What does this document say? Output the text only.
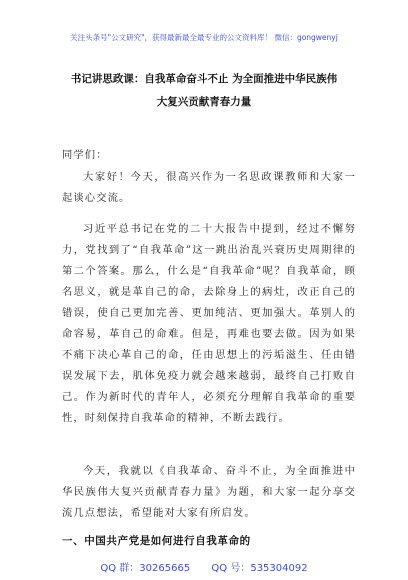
关注头条号"公文研究"，获得最新最全最专业的公文资料库！ 微信：gongwenyj
书记讲思政课：自我革命奋斗不止 为全面推进中华民族伟
大复兴贡献青春力量
同学们：
大家好！今天，很高兴作为一名思政课教师和大家一起谈心交流。
习近平总书记在党的二十大报告中提到，经过不懈努力，党找到了“自我革命”这一跳出治乱兴衰历史周期律的第二个答案。那么，什么是“自我革命”呢？自我革命，顾名思义，就是革自己的命，去除身上的病灶，改正自己的错误，使自己更加完善、更加纯洁、更加强大。革别人的命容易，革自己的命难。但是，再难也要去做。因为如果不痛下决心革自己的命，任由思想上的污垢滋生、任由错误发展下去，肌体免疫力就会越来越弱，最终自己打败自己。作为新时代的青年人，必须充分理解自我革命的重要性，时刻保持自我革命的精神，不断去践行。
今天，我就以《自我革命、奋斗不止，为全面推进中华民族伟大复兴贡献青春力量》为题，和大家一起分享交流几点想法，希望能对大家有所启发。
一、中国共产党是如何进行自我革命的
QQ 群：30265665 QQ 号：535304092
